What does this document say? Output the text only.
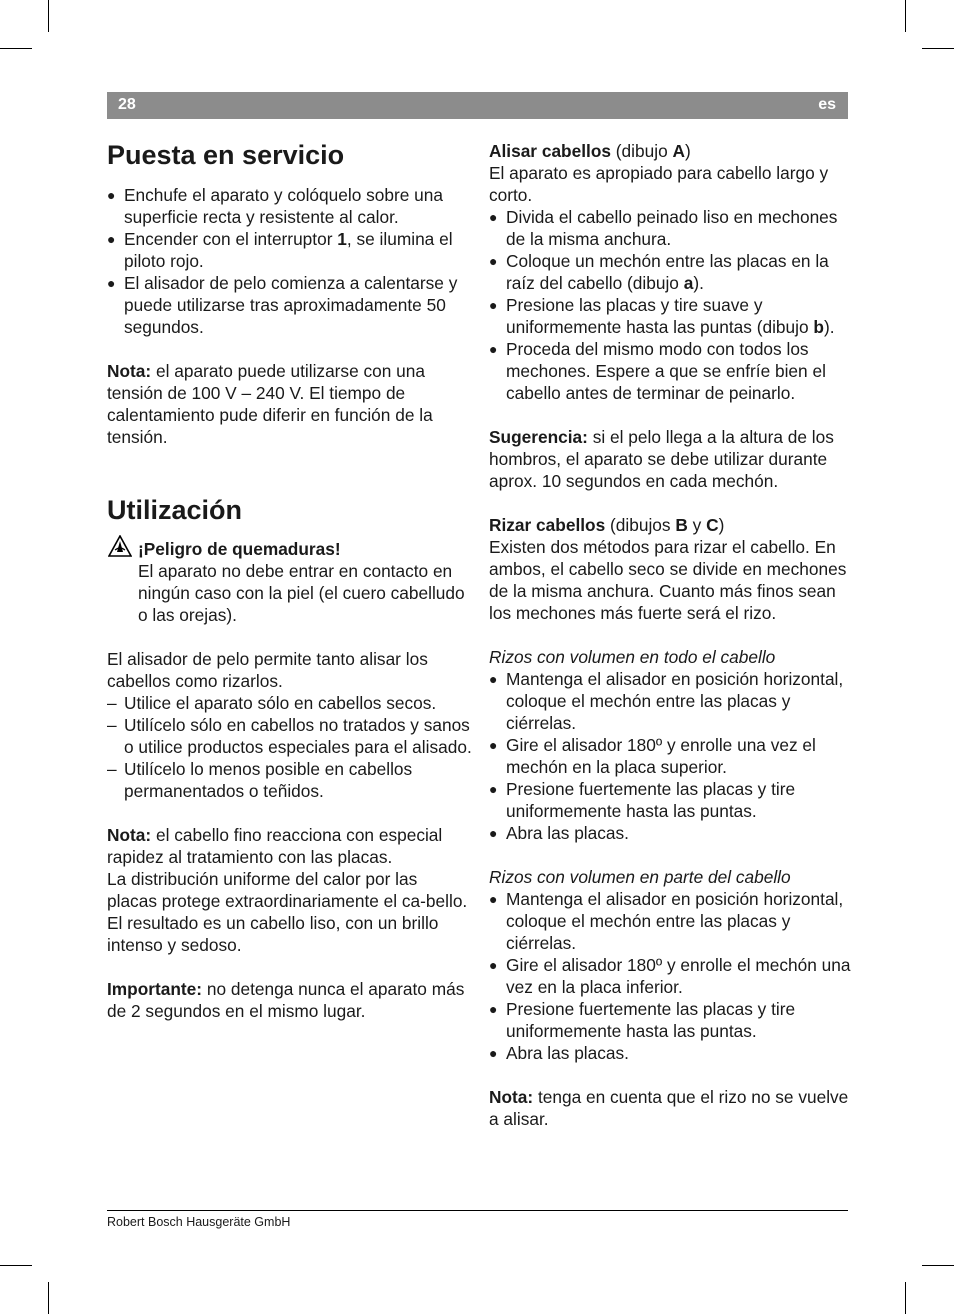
28	es
Puesta en servicio
● Enchufe el aparato y colóquelo sobre una superficie recta y resistente al calor.
● Encender con el interruptor 1, se ilumina el piloto rojo.
● El alisador de pelo comienza a calentarse y puede utilizarse tras aproximadamente 50 segundos.

Nota: el aparato puede utilizarse con una tensión de 100 V – 240 V. El tiempo de calentamiento pude diferir en función de la tensión.

Utilización

¡Peligro de quemaduras!

El aparato no debe entrar en contacto en ningún caso con la piel (el cuero cabelludo o las orejas).

El alisador de pelo permite tanto alisar los cabellos como rizarlos.

– Utilice el aparato sólo en cabellos secos.
– Utilícelo sólo en cabellos no tratados y sanos o utilice productos especiales para el alisado.
– Utilícelo lo menos posible en cabellos permanentados o teñidos.

Nota: el cabello fino reacciona con especial rapidez al tratamiento con las placas.

La distribución uniforme del calor por las placas protege extraordinariamente el ca-bello.

El resultado es un cabello liso, con un brillo intenso y sedoso.

Importante: no detenga nunca el aparato más de 2 segundos en el mismo lugar.

Alisar cabellos (dibujo A)

El aparato es apropiado para cabello largo y corto.

● Divida el cabello peinado liso en mechones de la misma anchura.
● Coloque un mechón entre las placas en la raíz del cabello (dibujo a).
● Presione las placas y tire suave y uniformemente hasta las puntas (dibujo b).
● Proceda del mismo modo con todos los mechones. Espere a que se enfríe bien el cabello antes de terminar de peinarlo.

Sugerencia: si el pelo llega a la altura de los hombros, el aparato se debe utilizar durante aprox. 10 segundos en cada mechón.

Rizar cabellos (dibujos B y C)

Existen dos métodos para rizar el cabello. En ambos, el cabello seco se divide en mechones de la misma anchura. Cuanto más finos sean los mechones más fuerte será el rizo.

Rizos con volumen en todo el cabello

● Mantenga el alisador en posición horizontal, coloque el mechón entre las placas y ciérrelas.
● Gire el alisador 180º y enrolle una vez el mechón en la placa superior.
● Presione fuertemente las placas y tire uniformemente hasta las puntas.
● Abra las placas.

Rizos con volumen en parte del cabello

● Mantenga el alisador en posición horizontal, coloque el mechón entre las placas y ciérrelas.
● Gire el alisador 180º y enrolle el mechón una vez en la placa inferior.
● Presione fuertemente las placas y tire uniformemente hasta las puntas.
● Abra las placas.

Nota: tenga en cuenta que el rizo no se vuelve a alisar.

Robert Bosch Hausgeräte GmbH
